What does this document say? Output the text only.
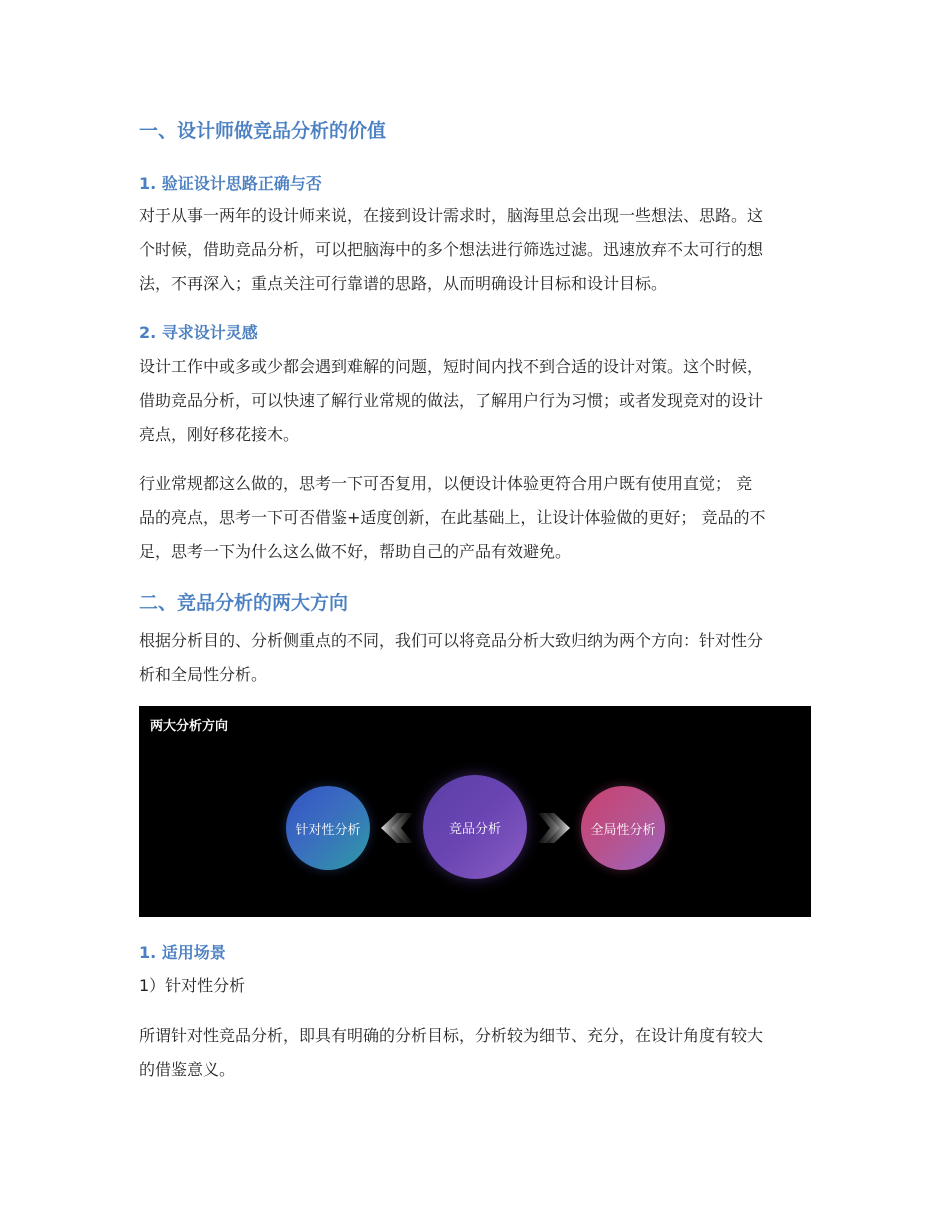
一、设计师做竞品分析的价值
1. 验证设计思路正确与否
对于从事一两年的设计师来说，在接到设计需求时，脑海里总会出现一些想法、思路。这
个时候，借助竞品分析，可以把脑海中的多个想法进行筛选过滤。迅速放弃不太可行的想
法，不再深入；重点关注可行靠谱的思路，从而明确设计目标和设计目标。
2. 寻求设计灵感
设计工作中或多或少都会遇到难解的问题，短时间内找不到合适的设计对策。这个时候，
借助竞品分析，可以快速了解行业常规的做法，了解用户行为习惯；或者发现竞对的设计
亮点，刚好移花接木。
行业常规都这么做的，思考一下可否复用，以便设计体验更符合用户既有使用直觉； 竞
品的亮点，思考一下可否借鉴+适度创新，在此基础上，让设计体验做的更好； 竞品的不
足，思考一下为什么这么做不好，帮助自己的产品有效避免。
二、竞品分析的两大方向
根据分析目的、分析侧重点的不同，我们可以将竞品分析大致归纳为两个方向：针对性分
析和全局性分析。
两大分析方向
针对性分析	竞品分析	全局性分析
1. 适用场景
1）针对性分析
所谓针对性竞品分析，即具有明确的分析目标，分析较为细节、充分，在设计角度有较大
的借鉴意义。
